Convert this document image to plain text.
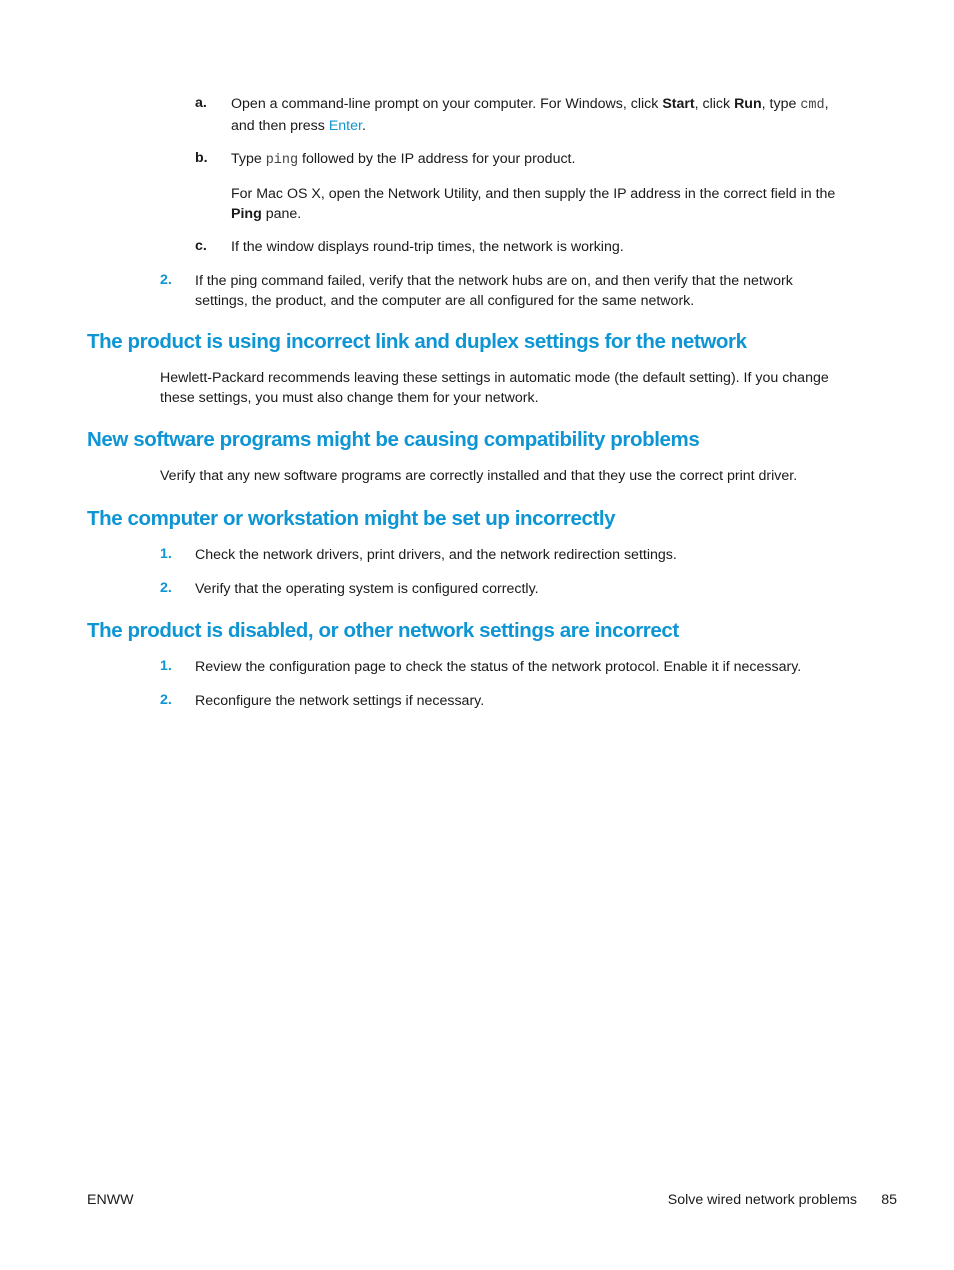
a. Open a command-line prompt on your computer. For Windows, click Start, click Run, type cmd,
and then press Enter.
b. Type ping followed by the IP address for your product.
For Mac OS X, open the Network Utility, and then supply the IP address in the correct field in the
Ping pane.
c. If the window displays round-trip times, the network is working.
2. If the ping command failed, verify that the network hubs are on, and then verify that the network
settings, the product, and the computer are all configured for the same network.
The product is using incorrect link and duplex settings for the network
Hewlett-Packard recommends leaving these settings in automatic mode (the default setting). If you change
these settings, you must also change them for your network.
New software programs might be causing compatibility problems
Verify that any new software programs are correctly installed and that they use the correct print driver.
The computer or workstation might be set up incorrectly
1. Check the network drivers, print drivers, and the network redirection settings.
2. Verify that the operating system is configured correctly.
The product is disabled, or other network settings are incorrect
1. Review the configuration page to check the status of the network protocol. Enable it if necessary.
2. Reconfigure the network settings if necessary.
ENWW	Solve wired network problems 85
